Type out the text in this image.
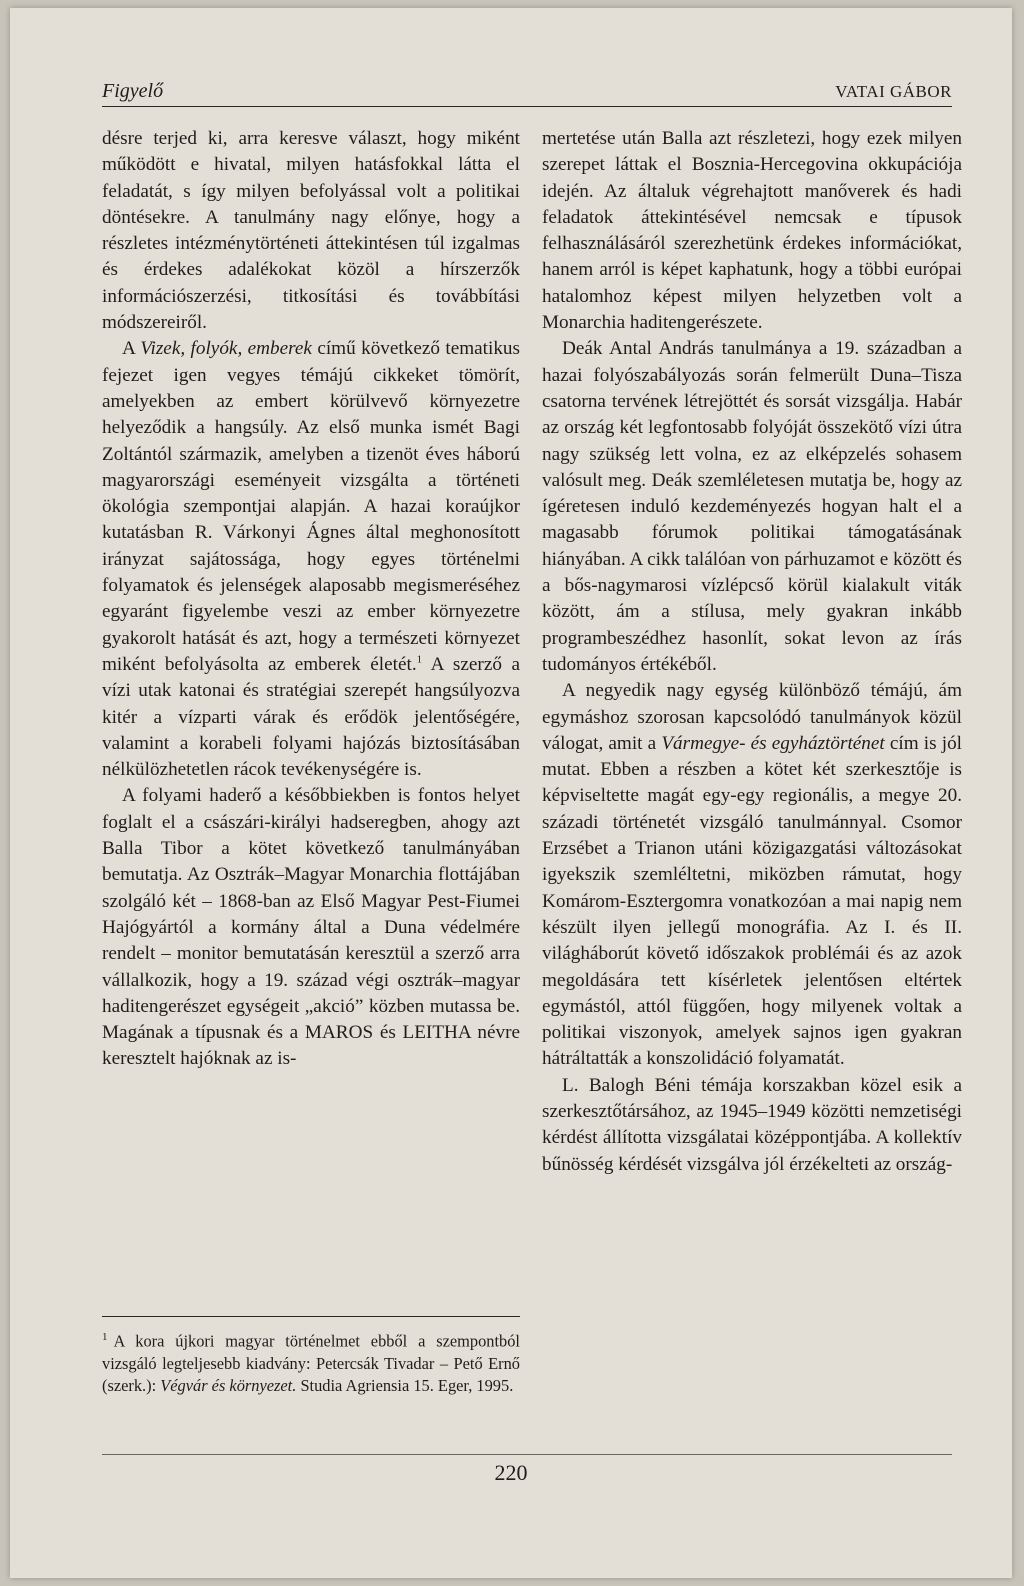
Figyelő	VATAI GÁBOR

désre terjed ki, arra keresve választ, hogy miként működött e hivatal, milyen hatásfokkal látta el feladatát, s így milyen befolyással volt a politikai döntésekre. A tanulmány nagy előnye, hogy a részletes intézménytörténeti áttekintésen túl izgalmas és érdekes adalékokat közöl a hírszerzők információszerzési, titkosítási és továbbítási módszereiről.

A Vizek, folyók, emberek című következő tematikus fejezet igen vegyes témájú cikkeket tömörít, amelyekben az embert körülvevő környezetre helyeződik a hangsúly. Az első munka ismét Bagi Zoltántól származik, amelyben a tizenöt éves háború magyarországi eseményeit vizsgálta a történeti ökológia szempontjai alapján. A hazai koraújkor kutatásban R. Várkonyi Ágnes által meghonosított irányzat sajátossága, hogy egyes történelmi folyamatok és jelenségek alaposabb megismeréséhez egyaránt figyelembe veszi az ember környezetre gyakorolt hatását és azt, hogy a természeti környezet miként befolyásolta az emberek életét.$^1$ A szerző a vízi utak katonai és stratégiai szerepét hangsúlyozva kitér a vízparti várak és erődök jelentőségére, valamint a korabeli folyami hajózás biztosításában nélkülözhetetlen rácok tevékenységére is.

A folyami haderő a későbbiekben is fontos helyet foglalt el a császári-királyi hadseregben, ahogy azt Balla Tibor a kötet következő tanulmányában bemutatja. Az Osztrák–Magyar Monarchia flottájában szolgáló két – 1868-ban az Első Magyar Pest-Fiumei Hajógyártól a kormány által a Duna védelmére rendelt – monitor bemutatásán keresztül a szerző arra vállalkozik, hogy a 19. század végi osztrák–magyar haditengerészet egységeit „akció” közben mutassa be. Magának a típusnak és a MAROS és LEITHA névre keresztelt hajóknak az is-

$^1$ A kora újkori magyar történelmet ebből a szempontból vizsgáló legteljesebb kiadvány: Petercsák Tivadar – Pető Ernő (szerk.): Végvár és környezet. Studia Agriensia 15. Eger, 1995.

mertetése után Balla azt részletezi, hogy ezek milyen szerepet láttak el Bosznia-Hercegovina okkupációja idején. Az általuk végrehajtott manőverek és hadi feladatok áttekintésével nemcsak e típusok felhasználásáról szerezhetünk érdekes információkat, hanem arról is képet kaphatunk, hogy a többi európai hatalomhoz képest milyen helyzetben volt a Monarchia haditengerészete.

Deák Antal András tanulmánya a 19. században a hazai folyószabályozás során felmerült Duna–Tisza csatorna tervének létrejöttét és sorsát vizsgálja. Habár az ország két legfontosabb folyóját összekötő vízi útra nagy szükség lett volna, ez az elképzelés sohasem valósult meg. Deák szemléletesen mutatja be, hogy az ígéretesen induló kezdeményezés hogyan halt el a magasabb fórumok politikai támogatásának hiányában. A cikk találóan von párhuzamot e között és a bős-nagymarosi vízlépcső körül kialakult viták között, ám a stílusa, mely gyakran inkább programbeszédhez hasonlít, sokat levon az írás tudományos értékéből.

A negyedik nagy egység különböző témájú, ám egymáshoz szorosan kapcsolódó tanulmányok közül válogat, amit a Vármegye- és egyháztörténet cím is jól mutat. Ebben a részben a kötet két szerkesztője is képviseltette magát egy-egy regionális, a megye 20. századi történetét vizsgáló tanulmánnyal. Csomor Erzsébet a Trianon utáni közigazgatási változásokat igyekszik szemléltetni, miközben rámutat, hogy Komárom-Esztergomra vonatkozóan a mai napig nem készült ilyen jellegű monográfia. Az I. és II. világháborút követő időszakok problémái és az azok megoldására tett kísérletek jelentősen eltértek egymástól, attól függően, hogy milyenek voltak a politikai viszonyok, amelyek sajnos igen gyakran hátráltatták a konszolidáció folyamatát.

L. Balogh Béni témája korszakban közel esik a szerkesztőtársához, az 1945–1949 közötti nemzetiségi kérdést állította vizsgálatai középpontjába. A kollektív bűnösség kérdését vizsgálva jól érzékelteti az ország-

220
